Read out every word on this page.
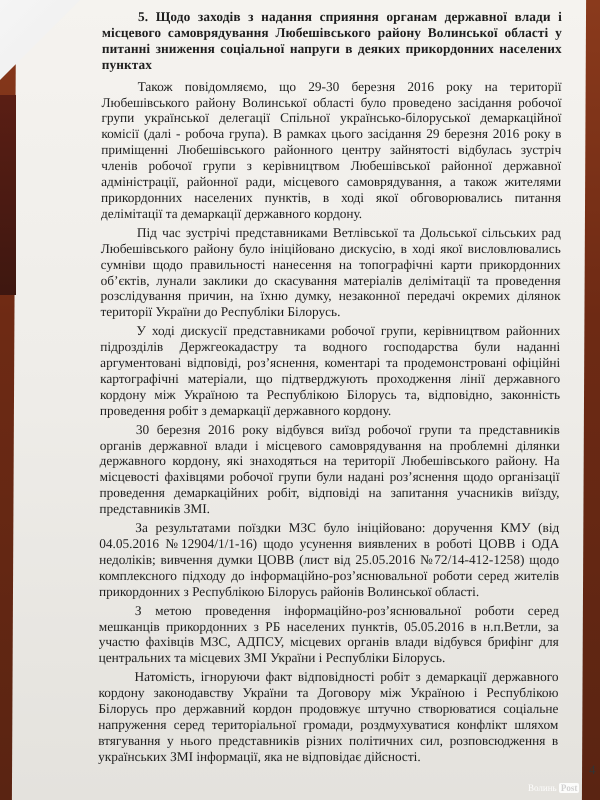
5. Щодо заходів з надання сприяння органам державної влади і місцевого самоврядування Любешівського району Волинської області у питанні зниження соціальної напруги в деяких прикордонних населених пунктах

Також повідомляємо, що 29-30 березня 2016 року на території Любешівського району Волинської області було проведено засідання робочої групи української делегації Спільної українсько-білоруської демаркаційної комісії (далі - робоча група). В рамках цього засідання 29 березня 2016 року в приміщенні Любешівського районного центру зайнятості відбулась зустріч членів робочої групи з керівництвом Любешівської районної державної адміністрації, районної ради, місцевого самоврядування, а також жителями прикордонних населених пунктів, в ході якої обговорювались питання делімітації та демаркації державного кордону.

Під час зустрічі представниками Ветлівської та Дольської сільських рад Любешівського району було ініційовано дискусію, в ході якої висловлювались сумніви щодо правильності нанесення на топографічні карти прикордонних об’єктів, лунали заклики до скасування матеріалів делімітації та проведення розслідування причин, на їхню думку, незаконної передачі окремих ділянок території України до Республіки Білорусь.

У ході дискусії представниками робочої групи, керівництвом районних підрозділів Держгеокадастру та водного господарства були наданні аргументовані відповіді, роз’яснення, коментарі та продемонстровані офіційні картографічні матеріали, що підтверджують проходження лінії державного кордону між Україною та Республікою Білорусь та, відповідно, законність проведення робіт з демаркації державного кордону.

30 березня 2016 року відбувся виїзд робочої групи та представників органів державної влади і місцевого самоврядування на проблемні ділянки державного кордону, які знаходяться на території Любешівського району. На місцевості фахівцями робочої групи були надані роз’яснення щодо організації проведення демаркаційних робіт, відповіді на запитання учасників виїзду, представників ЗМІ.

За результатами поїздки МЗС було ініційовано: доручення КМУ (від 04.05.2016 №12904/1/1-16) щодо усунення виявлених в роботі ЦОВВ і ОДА недоліків; вивчення думки ЦОВВ (лист від 25.05.2016 №72/14-412-1258) щодо комплексного підходу до інформаційно-роз’яснювальної роботи серед жителів прикордонних з Республікою Білорусь районів Волинської області.

З метою проведення інформаційно-роз’яснювальної роботи серед мешканців прикордонних з РБ населених пунктів, 05.05.2016 в н.п.Ветли, за участю фахівців МЗС, АДПСУ, місцевих органів влади відбувся брифінг для центральних та місцевих ЗМІ України і Республіки Білорусь.

Натомість, ігноруючи факт відповідності робіт з демаркації державного кордону законодавству України та Договору між Україною і Республікою Білорусь про державний кордон продовжує штучно створюватися соціальне напруження серед територіальної громади, роздмухуватися конфлікт шляхом втягування у нього представників різних політичних сил, розповсюдження в українських ЗМІ інформації, яка не відповідає дійсності.

4
Волинь Post
